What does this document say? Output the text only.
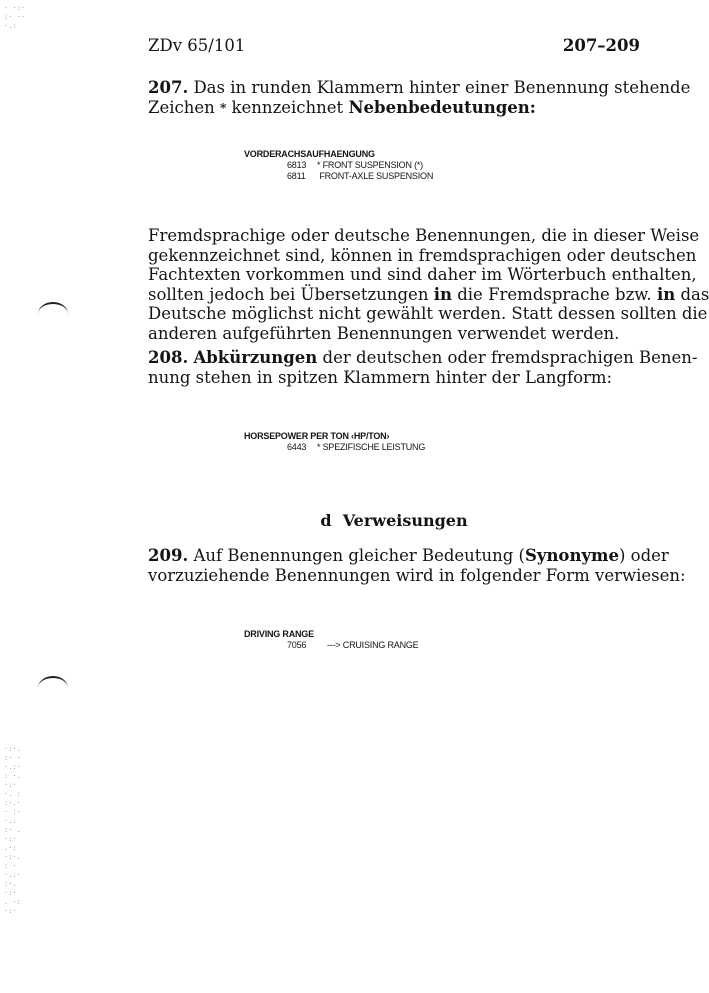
· ·:·
:· ··
·.:
·:·.
:· ·
·.:·
: ·.
·:·
·. :
:·.·
· :·
·.:
:· .
·:·
.·:
·:·.
: ·
·.:·
:·.
·:·
. ·:
·:·
ZDv 65/101	207–209
207. Das in runden Klammern hinter einer Benennung stehende
Zeichen * kennzeichnet Nebenbedeutungen:
VORDERACHSAUFHAENGUNG
6813 * FRONT SUSPENSION (*)
6811 FRONT-AXLE SUSPENSION
Fremdsprachige oder deutsche Benennungen, die in dieser Weise
gekennzeichnet sind, können in fremdsprachigen oder deutschen
Fachtexten vorkommen und sind daher im Wörterbuch enthalten,
sollten jedoch bei Übersetzungen in die Fremdsprache bzw. in das
Deutsche möglichst nicht gewählt werden. Statt dessen sollten die
anderen aufgeführten Benennungen verwendet werden.
208. Abkürzungen der deutschen oder fremdsprachigen Benen-
nung stehen in spitzen Klammern hinter der Langform:
HORSEPOWER PER TON ‹HP/TON›
6443 * SPEZIFISCHE LEISTUNG
d Verweisungen
209. Auf Benennungen gleicher Bedeutung (Synonyme) oder
vorzuziehende Benennungen wird in folgender Form verwiesen:
DRIVING RANGE
7056 ---> CRUISING RANGE
